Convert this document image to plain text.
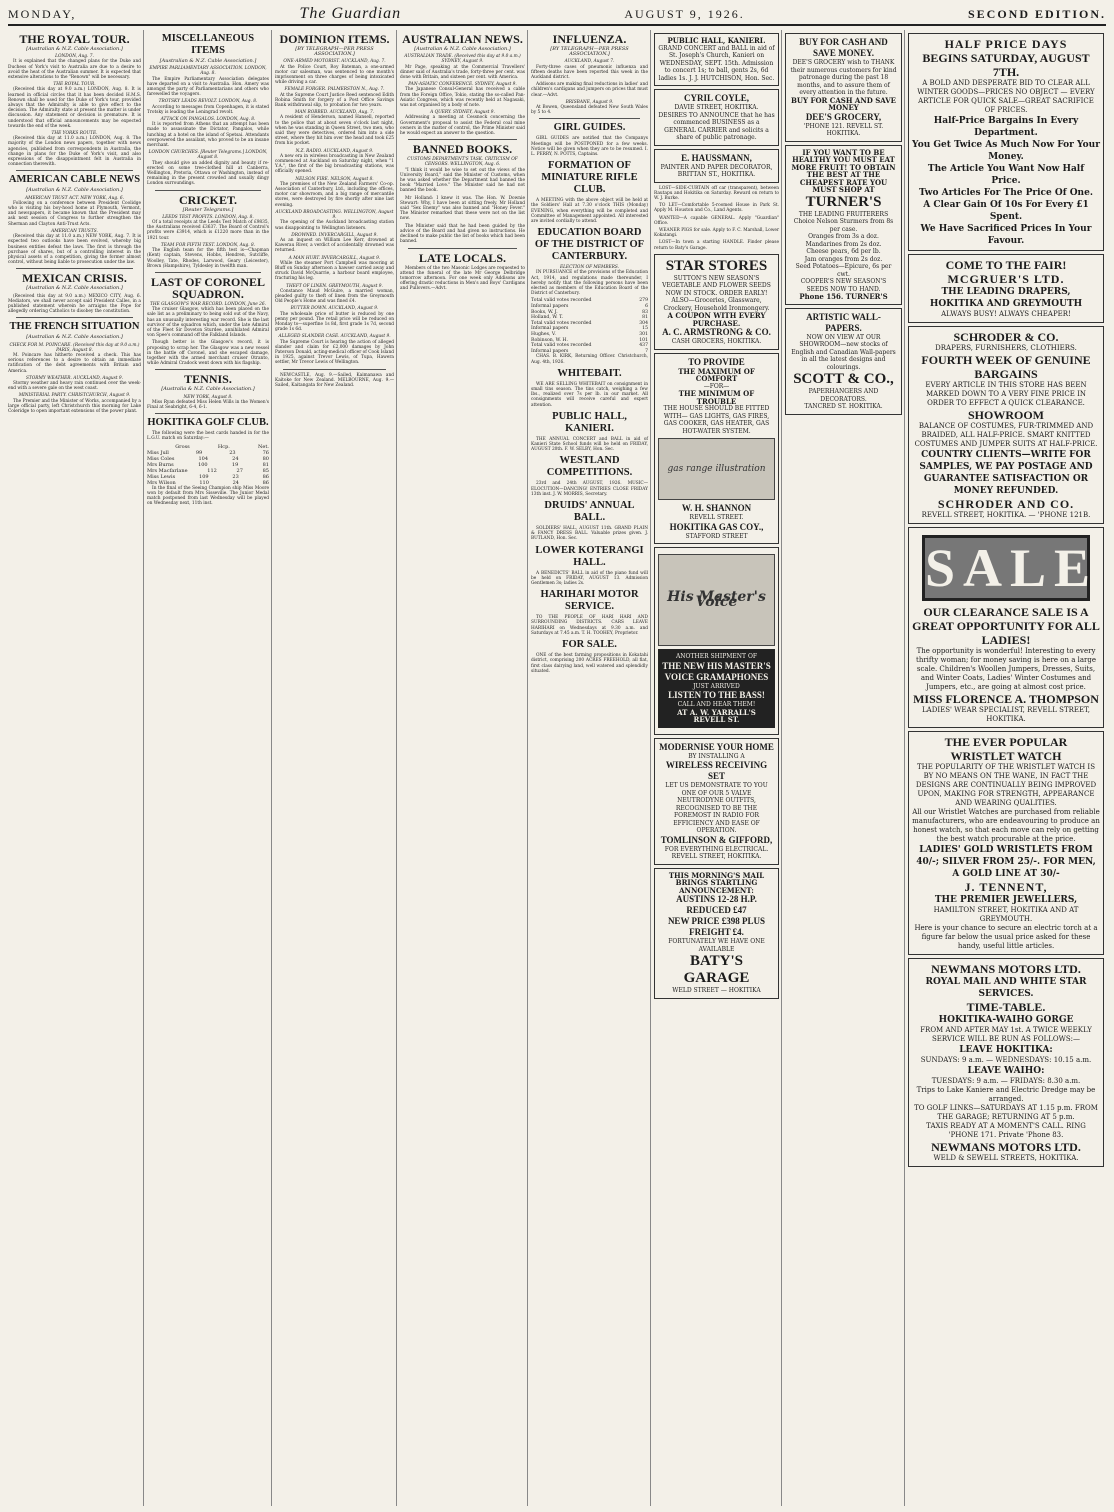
MONDAY,	The Guardian	AUGUST 9, 1926.	SECOND EDITION.
THE ROYAL TOUR.
[Australian & N.Z. Cable Association.]
LONDON, Aug. 7.

It is explained that the changed plans for the Duke and Duchess of York's visit to Australia are due to a desire to avoid the heat of the Australian summer. It is expected that extensive alterations to the "Renown" will be necessary.

THE ROYAL TOUR.

(Received this day at 9.0 a.m.) LONDON, Aug. 8. It is learned in official circles that it has been decided H.M.S. Renown shall be used for the Duke of York's tour, provided always that the Admiralty is able to give effect to the decision. The Admiralty state at present the matter is under discussion. Any statement or decision is premature. It is understood that official announcements may be expected towards the end of the week.

THE YORKS ROUTE.

(Received this day at 11.0 a.m.) LONDON, Aug. 8. The majority of the London news papers, together with news agencies, published from correspondents in Australia, the change in plans for the Duke of York's visit, and also expressions of the disappointment felt in Australia in connection therewith.

AMERICAN CABLE NEWS
[Australian & N.Z. Cable Association.]
AMERICAN TRUST ACT. NEW YORK, Aug. 6.

Following on a conference between President Coolidge who is visiting his boy-hood home at Plymouth, Vermont, and newspapers, it became known that the President may ask next session of Congress to further strengthen the Sherman and Clayton Anti-Trust Acts.

AMERICAN TRUSTS.

(Received this day at 11.0 a.m.) NEW YORK, Aug. 7. It is expected two outlooks have been evolved, whereby big business entities defeat the laws. The first is through the purchase of shares, but of a controlling interest in the physical assets of a competition, giving the former almost control, without being liable to prosecution under the law.

MEXICAN CRISIS.
[Australian & N.Z. Cable Association.]

(Received this day at 9.0 a.m.) MEXICO CITY, Aug. 6. Mediators, we shall never accept said President Calles, in a published statement wherein he arraigns the Pope for allegedly ordering Catholics to disobey the constitution.

THE FRENCH SITUATION
[Australian & N.Z. Cable Association.]
CHECK FOR M. POINCARE. (Received this day at 9.0 a.m.) PARIS, August 8.

M. Poincare has hitherto received a check. This has serious references to a desire to obtain an immediate ratification of the debt agreements with Britain and America.

STORMY WEATHER. AUCKLAND, August 9.

Stormy weather and heavy rain continued over the week-end with a severe gale on the west coast.

MINISTERIAL PARTY. CHRISTCHURCH, August 9.

The Premier and the Minister of Works, accompanied by a large official party, left Christchurch this morning for Lake Coleridge to open important extensions of the power plant.

MISCELLANEOUS ITEMS
[Australian & N.Z. Cable Association.]
EMPIRE PARLIAMENTARY ASSOCIATION. LONDON, Aug. 8.

The Empire Parliamentary Association delegates have departed on a visit to Australia. Hon. Amery was amongst the party of Parliamentarians and others who farewelled the voyagers.

TROTSKY LEADS REVOLT. LONDON, Aug. 8.

According to messages from Copenhagen, it is stated Trotsky is leading the Leningrad revolt.

ATTACK ON PANGALOS. LONDON, Aug. 8.

It is reported from Athens that an attempt has been made to assassinate the Dictator, Pangalos, while lunching at a hotel on the island of Spetsai. Attendants overpowered the assailant, who proved to be an insane merchant.

LONDON CHURCHES. [Reuter Telegrams.] LONDON, August 8.

They should give an added dignity and beauty if re-erected on some tree-clothed hill at Canberra, Wellington, Pretoria, Ottawa or Washington, instead of remaining in the present crowded and usually dingy London surroundings.

CRICKET.
[Reuter Telegrams.]
LEEDS TEST PROFITS. LONDON, Aug. 8.

Of a total receipts at the Leeds Test Match of £9835, the Australians received £3637. The Board of Control's profits were £3914, which is £1220 more than in the 1921 tour.

TEAM FOR FIFTH TEST. LONDON, Aug. 8.

The English team for the fifth test is—Chapman (Kent) captain, Stevens, Hobbs, Hendren, Sutcliffe, Woolley, Tate, Rhodes, Larwood, Geary (Leicester), Brown (Hampshire), Tyldesley in twelfth man.

LAST OF CORONEL SQUADRON.
THE GLASGOW'S WAR RECORD. LONDON, June 26.

The cruiser Glasgow, which has been placed on the sale list as a preliminary to being sold out of the Navy, has an unusually interesting war record. She is the last survivor of the squadron which, under the late Admiral of the Fleet Sir Doveton Sturdee, annihilated Admiral von Spee's command off the Falkland Islands.

Though better is the Glasgow's record, it is proposing to scrap her. The Glasgow was a new vessel in the battle off Coronel, and she escaped damage, together with the armed merchant cruiser Otranto, while Admiral Cradock went down with his flagship.

TENNIS.
[Australia & N.Z. Cable Association.]
NEW YORK, August 8.

Miss Ryan defeated Miss Helen Wills in the Women's Final at Seabright, 6-4, 6-1.

HOKITIKA GOLF CLUB.

The following were the best cards handed in for the L.G.U. match on Saturday:—

Gross	Hcp.	Net.
Miss Jull	99	23	76
Miss Coles	104	24	80
Mrs Burns	100	19	81
Mrs Macfarlane	112	27	85
Miss Lewis	109	23	86
Mrs Wilson	110	24	86

In the final of the Seeing Champion ship Miss Moore won by default from Mrs Sissevilie. The Junior Medal match postponed from last Wednesday will be played on Wednesday next, 11th inst.

DOMINION ITEMS.
[BY TELEGRAPH—PER PRESS ASSOCIATION.]
ONE-ARMED MOTORIST. AUCKLAND, Aug. 7.

At the Police Court, Roy Bateman, a one-armed motor car salesman, was sentenced to one month's imprisonment on three charges of being intoxicated while driving a car.

FEMALE FORGER. PALMERSTON N., Aug. 7.

At the Supreme Court Justice Reed sentenced Edith Robina Smith for forgery of a Post Office Savings Bank withdrawal slip, to probation for two years.

MAN ROBBED. AUCKLAND, Aug. 7.

A resident of Henderson, named Hansell, reported to the police that at about seven o'clock last night, when he was standing in Queen Street, two men, who said they were detectives, ordered him into a side street, where they hit him over the head and took £25 from his pocket.

N.Z. RADIO. AUCKLAND, August 9.

A new era in wireless broadcasting in New Zealand commenced at Auckland on Saturday night, when "1 Y.A.", the first of the big broadcasting stations, was officially opened.

NELSON FIRE. NELSON, August 8.

The premises of the New Zealand Farmers' Co-op. Association of Canterbury, Ltd., including the offices, motor car showroom, and a big range of mercantile stores, were destroyed by fire shortly after nine last evening.

AUCKLAND BROADCASTING. WELLINGTON, August 9.

The opening of the Auckland broadcasting station was disappointing to Wellington listeners.

DROWNED. INVERCARGILL, August 9.

As an inquest on William Lee Kerr, drowned at Kawerau River, a verdict of accidentally drowned was returned.

A MAN HURT. INVERCARGILL, August 9.

While the steamer Port Campbell was mooring at Bluff on Sunday afternoon a hawser carried away and struck David McQuarrie, a harbour board employee, fracturing his leg.

THEFT OF LINEN. GREYMOUTH, August 9.

Constance Maud McGuire, a married woman, pleaded guilty to theft of linen from the Greymouth Old People's Home and was fined £4.

BUTTER DOWN. AUCKLAND, August 9.

The wholesale price of butter is reduced by one penny per pound. The retail price will be reduced on Monday to—superfine 1s 8d, first grade 1s 7d, second grade 1s 6d.

ALLEGED SLANDER CASE. AUCKLAND, August 9.

The Supreme Court is hearing the action of alleged slander and claim for £2,000 damages by John Paterson Donald, acting-medical officer of Cook Island in 1925, against Trevor Lewis, of Tupa, Hawera settler, Mr Trevor Lewis of Wellington.

NEWCASTLE, Aug. 9.—Sailed, Kaimanawa and Kaitoke for New Zealand. MELBOURNE, Aug. 9.—Sailed, Kaitangata for New Zealand.

AUSTRALIAN NEWS.
[Australian & N.Z. Cable Association.]
AUSTRALIAN TRADE. (Received this day at 9.0 a.m.) SYDNEY, August 9.

Mr Page, speaking at the Commercial Travellers' dinner said of Australia's trade, forty-three per cent. was done with Britain, and sixteen per cent. with America.

PAN-ASIATIC CONFERENCE. SYDNEY, August 9.

The Japanese Consul-General has received a cable from the Foreign Office, Tokio, stating the so-called Pan-Asiatic Congress, which was recently held at Nagasaki, was not organised by a body of note.

A QUERY. SYDNEY, August 9.

Addressing a meeting at Cessnock concerning the Government's proposal to assist the Federal coal mine owners in the matter of control, the Prime Minister said he would expect an answer to the question.

BANNED BOOKS.
CUSTOMS DEPARTMENT'S TASK. CRITICISM OF CENSORS. WELLINGTON, Aug. 6.

"I think it would be wise to set out the views of the University Board," said the Minister of Customs, when he was asked whether the Department had banned the book "Married Love." The Minister said he had not banned the book.

Mr Holland: I knew it was. The Hon. W. Downie Stewart: Why, I have been at sitting freely. Mr Holland said "Sex Enemy" was also banned and "Honey Fever." The Minister remarked that these were not on the list now.

The Minister said that he had been guided by the advice of the Board and had given no instructions. He declined to make public the list of books which had been banned.

LATE LOCALS.

Members of the two Masonic Lodges are requested to attend the funeral of the late Mr George Delbridge tomorrow afternoon. For one week only Addisons are offering drastic reductions in Men's and Boys' Cardigans and Pullovers.—Advt.

INFLUENZA.
[BY TELEGRAPH—PER PRESS ASSOCIATION.]
AUCKLAND, August 7.

Forty-three cases of pneumonic influenza and fifteen deaths have been reported this week in the Auckland district.

Addisons are making final reductions in ladies' and children's cardigans and jumpers on prices that must clear.—Advt.

BRISBANE, August 9.

At Bowen, Queensland defeated New South Wales by 5 to 4.

GIRL GUIDES.

GIRL GUIDES are notified that the Companys Meetings will be POSTPONED for a few weeks. Notice will be given when they are to be resumed. I. L. PERRY, N. POTTS, Captains.

FORMATION OF MINIATURE RIFLE CLUB.

A MEETING with the above object will be held at the Soldiers' Hall at 7.30 o'clock THIS (Monday) EVENING, when everything will be completed and Committee of Management appointed. All interested are invited cordially to attend.

EDUCATION BOARD OF THE DISTRICT OF CANTERBURY.
ELECTION OF MEMBERS.

IN PURSUANCE of the provisions of the Education Act, 1914, and regulations made thereunder, I hereby notify that the following persons have been elected as members of the Education Board of the District of Canterbury.

Total valid votes recorded	279
Informal papers	6
Books, W. J.	83
Holland, W. T.	81
Total valid votes recorded	304
Informal papers	15
Hughes, V.	301
Robinson, W. H.	101
Total valid votes recorded	437
Informal papers	7

CHAS. B. KIRK, Returning Officer. Christchurch, Aug. 4th, 1926.

WHITEBAIT.

WE ARE SELLING WHITEBAIT on consignment in small tins season. The tins catch, weighing a few lbs., realized over 7s per lb. in our market. All consignments will receive careful and expert attention.

PUBLIC HALL, KANIERI.

THE ANNUAL CONCERT and BALL in aid of Kanieri State School funds will be held on FRIDAY, AUGUST 20th. F. W. SELBY, Hon. Sec.

WESTLAND COMPETITIONS.

23rd and 24th AUGUST, 1926. MUSIC—ELOCUTION—DANCING! ENTRIES CLOSE FRIDAY 13th inst. J. W. MORRIS, Secretary.

DRUIDS' ANNUAL BALL.

SOLDIERS' HALL, AUGUST 11th. GRAND PLAIN & FANCY DRESS BALL. Valuable prizes given. J. BUTLAND, Hon. Sec.

LOWER KOTERANGI HALL.

A BENEDICTS' BALL in aid of the piano fund will be held on FRIDAY, AUGUST 13. Admission Gentlemen 3s; ladies 2s.

HARIHARI MOTOR SERVICE.

TO THE PEOPLE OF HARI HARI AND SURROUNDING DISTRICTS. CARS LEAVE HARIHARI on Wednesdays at 9.30 a.m. and Saturdays at 7.45 a.m. T. H. TOOHEY, Proprietor.

FOR SALE.

ONE of the best farming propositions in Kokatahi district, comprising 200 ACRES FREEHOLD, all flat, first class dairying land, well watered and splendidly situated.

PUBLIC HALL, KANIERI.
GRAND CONCERT and BALL in aid of St. Joseph's Church, Kanieri on WEDNESDAY, SEPT. 15th. Admission to concert 1s; to ball, gents 2s, 6d ladies 1s. J. J. HUTCHISON, Hon. Sec.
CYRIL COYLE,
DAVIE STREET, HOKITIKA.
DESIRES TO ANNOUNCE that he has commenced BUSINESS as a GENERAL CARRIER and solicits a share of public patronage.
E. HAUSSMANN,
PAINTER AND PAPER DECORATOR, BRITTAN ST., HOKITIKA.

LOST—SIDE-CURTAIN off car (transparent), between Rautapu and Hokitika on Saturday. Reward on return to W. J. Burke.

TO LET—Comfortable 5-roomed House in Park St. Apply M. Houston and Co., Land Agents.

WANTED—A capable GENERAL. Apply "Guardian" Office.

WEANER PIGS for sale. Apply to F. C. Marshall, Lower Kokatangi.

LOST—In town a starting HANDLE. Finder please return to Baty's Garage.

STAR STORES
SUTTON'S NEW SEASON'S VEGETABLE AND FLOWER SEEDS NOW IN STOCK. ORDER EARLY! ALSO—Groceries, Glassware, Crockery, Household Ironmongery.
A COUPON WITH EVERY PURCHASE.
A. C. ARMSTRONG & CO.
CASH GROCERS, HOKITIKA.
TO PROVIDE
THE MAXIMUM OF COMFORT
—FOR—
THE MINIMUM OF TROUBLE
THE HOUSE SHOULD BE FITTED WITH— GAS LIGHTS, GAS FIRES, GAS COOKER, GAS HEATER, GAS HOT-WATER SYSTEM.
gas range illustration
W. H. SHANNON
REVELL STREET.
HOKITIKA GAS COY.,
STAFFORD STREET
His Master's Voice
ANOTHER SHIPMENT OF
THE NEW HIS MASTER'S VOICE GRAMAPHONES
JUST ARRIVED
LISTEN TO THE BASS!
CALL AND HEAR THEM!
AT A. W. YARRALL'S REVELL ST.
MODERNISE YOUR HOME
BY INSTALLING A
WIRELESS RECEIVING SET
LET US DEMONSTRATE TO YOU ONE OF OUR 5 VALVE NEUTRODYNE OUTFITS, RECOGNISED TO BE THE FOREMOST IN RADIO FOR EFFICIENCY AND EASE OF OPERATION.
TOMLINSON & GIFFORD,
FOR EVERYTHING ELECTRICAL.
REVELL STREET, HOKITIKA.
THIS MORNING'S MAIL BRINGS STARTLING ANNOUNCEMENT:
AUSTINS 12-28 H.P. REDUCED £47
NEW PRICE £398 PLUS FREIGHT £4.
FORTUNATELY WE HAVE ONE AVAILABLE
BATY'S GARAGE
WELD STREET — HOKITIKA
BUY FOR CASH AND SAVE MONEY.
DEE'S GROCERY wish to THANK their numerous customers for kind patronage during the past 18 months, and to assure them of every attention in the future.
BUY FOR CASH AND SAVE MONEY
DEE'S GROCERY,
'PHONE 121. REVELL ST. HOKITIKA.
IF YOU WANT TO BE HEALTHY YOU MUST EAT MORE FRUIT! TO OBTAIN THE BEST AT THE CHEAPEST RATE YOU MUST SHOP AT
TURNER'S
THE LEADING FRUITERERS
Choice Nelson Sturmers from 8s per case.
Oranges from 3s a doz.
Mandarines from 2s doz.
Cheese pears, 6d per lb.
Jam oranges from 2s doz.
Seed Potatoes—Epicure, 6s per cwt.
COOPER'S NEW SEASON'S SEEDS NOW TO HAND.
Phone 156. TURNER'S
ARTISTIC WALL-PAPERS.
NOW ON VIEW AT OUR SHOWROOM—new stocks of English and Canadian Wall-papers in all the latest designs and colourings.
SCOTT & CO.,
PAPERHANGERS AND DECORATORS.
TANCRED ST. HOKITIKA.
HALF PRICE DAYS
BEGINS SATURDAY, AUGUST 7TH.
A BOLD AND DESPERATE BID TO CLEAR ALL WINTER GOODS—PRICES NO OBJECT — EVERY ARTICLE FOR QUICK SALE—GREAT SACRIFICE OF PRICES.
Half-Price Bargains In Every Department.
You Get Twice As Much Now For Your Money.
The Article You Want Now Half Price.
Two Articles For The Price Of One.
A Clear Gain Of 10s For Every £1 Spent.
We Have Sacrificed Prices In Your Favour.
COME TO THE FAIR!
MCGRUER'S LTD.
THE LEADING DRAPERS,
HOKITIKA AND GREYMOUTH
ALWAYS BUSY! ALWAYS CHEAPER!
SCHRODER & CO.
DRAPERS, FURNISHERS, CLOTHIERS.
FOURTH WEEK OF GENUINE BARGAINS
EVERY ARTICLE IN THIS STORE HAS BEEN MARKED DOWN TO A VERY FINE PRICE IN ORDER TO EFFECT A QUICK CLEARANCE.
SHOWROOM
BALANCE OF COSTUMES, FUR-TRIMMED AND BRAIDED, ALL HALF-PRICE. SMART KNITTED COSTUMES AND JUMPER SUITS AT HALF-PRICE.
COUNTRY CLIENTS—WRITE FOR SAMPLES, WE PAY POSTAGE AND GUARANTEE SATISFACTION OR MONEY REFUNDED.
SCHRODER AND CO.
REVELL STREET, HOKITIKA. — 'PHONE 121B.
SALE
OUR CLEARANCE SALE IS A GREAT OPPORTUNITY FOR ALL LADIES!
The opportunity is wonderful! Interesting to every thrifty woman; for money saving is here on a large scale. Children's Woollen Jumpers, Dresses, Suits, and Winter Coats, Ladies' Winter Costumes and Jumpers, etc., are going at almost cost price.
MISS FLORENCE A. THOMPSON
LADIES' WEAR SPECIALIST, REVELL STREET, HOKITIKA.
THE EVER POPULAR WRISTLET WATCH
THE POPULARITY OF THE WRISTLET WATCH IS BY NO MEANS ON THE WANE, IN FACT THE DESIGNS ARE CONTINUALLY BEING IMPROVED UPON, MAKING FOR STRENGTH, APPEARANCE AND WEARING QUALITIES.
All our Wristlet Watches are purchased from reliable manufacturers, who are endeavouring to produce an honest watch, so that each move can rely on getting the best watch procurable at the price.
LADIES' GOLD WRISTLETS FROM 40/-; SILVER FROM 25/-. FOR MEN, A GOLD LINE AT 30/-
J. TENNENT,
THE PREMIER JEWELLERS,
HAMILTON STREET, HOKITIKA AND AT GREYMOUTH.
Here is your chance to secure an electric torch at a figure far below the usual price asked for these handy, useful little articles.
NEWMANS MOTORS LTD.
ROYAL MAIL AND WHITE STAR SERVICES.
TIME-TABLE.
HOKITIKA-WAIHO GORGE
FROM AND AFTER MAY 1st. A TWICE WEEKLY SERVICE WILL BE RUN AS FOLLOWS:—
LEAVE HOKITIKA:
SUNDAYS: 9 a.m. — WEDNESDAYS: 10.15 a.m.
LEAVE WAIHO:
TUESDAYS: 9 a.m. — FRIDAYS: 8.30 a.m.
Trips to Lake Kaniere and Electric Dredge may be arranged.
TO GOLF LINKS—SATURDAYS AT 1.15 p.m. FROM THE GARAGE; RETURNING AT 5 p.m.
TAXIS READY AT A MOMENT'S CALL. RING 'PHONE 171. Private 'Phone 83.
NEWMANS MOTORS LTD.
WELD & SEWELL STREETS, HOKITIKA.
